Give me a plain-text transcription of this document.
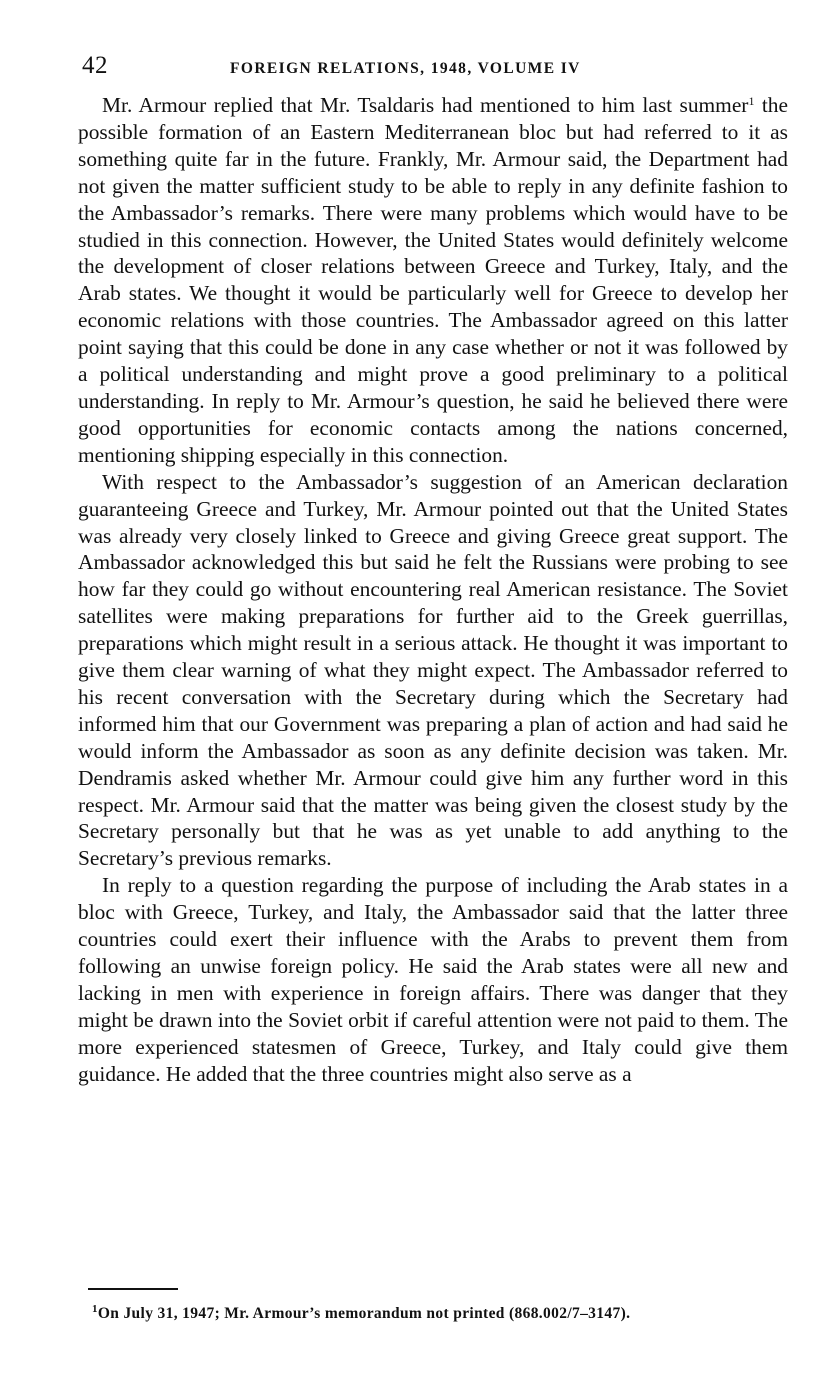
42	FOREIGN RELATIONS, 1948, VOLUME IV

Mr. Armour replied that Mr. Tsaldaris had mentioned to him last summer$^1$ the possible formation of an Eastern Mediterranean bloc but had referred to it as something quite far in the future. Frankly, Mr. Armour said, the Department had not given the matter sufficient study to be able to reply in any definite fashion to the Ambassador’s remarks. There were many problems which would have to be studied in this connection. However, the United States would definitely welcome the development of closer relations between Greece and Turkey, Italy, and the Arab states. We thought it would be particularly well for Greece to develop her economic relations with those countries. The Ambassador agreed on this latter point saying that this could be done in any case whether or not it was followed by a political understanding and might prove a good preliminary to a political understanding. In reply to Mr. Armour’s question, he said he believed there were good opportunities for economic contacts among the nations concerned, mentioning shipping especially in this connection.

With respect to the Ambassador’s suggestion of an American declaration guaranteeing Greece and Turkey, Mr. Armour pointed out that the United States was already very closely linked to Greece and giving Greece great support. The Ambassador acknowledged this but said he felt the Russians were probing to see how far they could go without encountering real American resistance. The Soviet satellites were making preparations for further aid to the Greek guerrillas, preparations which might result in a serious attack. He thought it was important to give them clear warning of what they might expect. The Ambassador referred to his recent conversation with the Secretary during which the Secretary had informed him that our Government was preparing a plan of action and had said he would inform the Ambassador as soon as any definite decision was taken. Mr. Dendramis asked whether Mr. Armour could give him any further word in this respect. Mr. Armour said that the matter was being given the closest study by the Secretary personally but that he was as yet unable to add anything to the Secretary’s previous remarks.

In reply to a question regarding the purpose of including the Arab states in a bloc with Greece, Turkey, and Italy, the Ambassador said that the latter three countries could exert their influence with the Arabs to prevent them from following an unwise foreign policy. He said the Arab states were all new and lacking in men with experience in foreign affairs. There was danger that they might be drawn into the Soviet orbit if careful attention were not paid to them. The more experienced statesmen of Greece, Turkey, and Italy could give them guidance. He added that the three countries might also serve as a

$^1$On July 31, 1947; Mr. Armour’s memorandum not printed (868.002/7–3147).
